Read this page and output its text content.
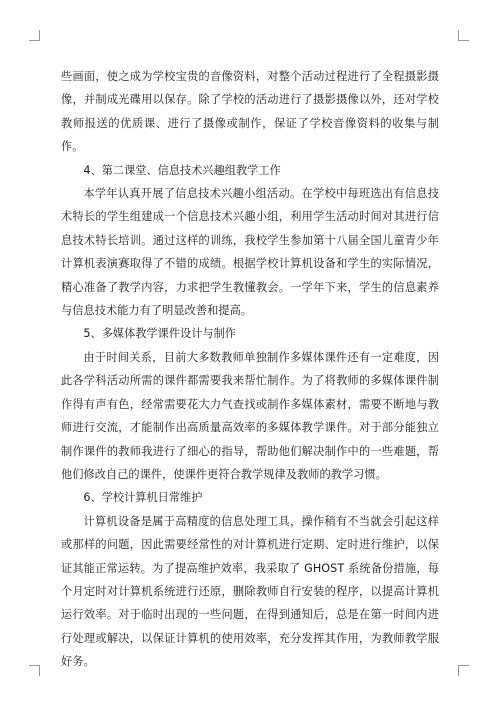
些画面，使之成为学校宝贵的音像资料，对整个活动过程进行了全程摄影摄像，并制成光碟用以保存。除了学校的活动进行了摄影摄像以外，还对学校教师报送的优质课、进行了摄像或制作，保证了学校音像资料的收集与制作。

4、第二课堂、信息技术兴趣组教学工作

本学年认真开展了信息技术兴趣小组活动。在学校中每班选出有信息技术特长的学生组建成一个信息技术兴趣小组，利用学生活动时间对其进行信息技术特长培训。通过这样的训练，我校学生参加第十八届全国儿童青少年计算机表演赛取得了不错的成绩。根据学校计算机设备和学生的实际情况，精心准备了教学内容，力求把学生教懂教会。一学年下来，学生的信息素养与信息技术能力有了明显改善和提高。

5、多媒体教学课件设计与制作

由于时间关系，目前大多数教师单独制作多媒体课件还有一定难度，因此各学科活动所需的课件都需要我来帮忙制作。为了将教师的多媒体课件制作得有声有色，经常需要花大力气查找或制作多媒体素材，需要不断地与教师进行交流，才能制作出高质量高效率的多媒体教学课件。对于部分能独立制作课件的教师我进行了细心的指导，帮助他们解决制作中的一些难题，帮他们修改自己的课件，使课件更符合教学规律及教师的教学习惯。

6、学校计算机日常维护

计算机设备是属于高精度的信息处理工具，操作稍有不当就会引起这样或那样的问题，因此需要经常性的对计算机进行定期、定时进行维护，以保证其能正常运转。为了提高维护效率，我采取了 GHOST 系统备份措施，每个月定时对计算机系统进行还原，删除教师自行安装的程序，以提高计算机运行效率。对于临时出现的一些问题，在得到通知后，总是在第一时间内进行处理或解决，以保证计算机的使用效率，充分发挥其作用，为教师教学服好务。
